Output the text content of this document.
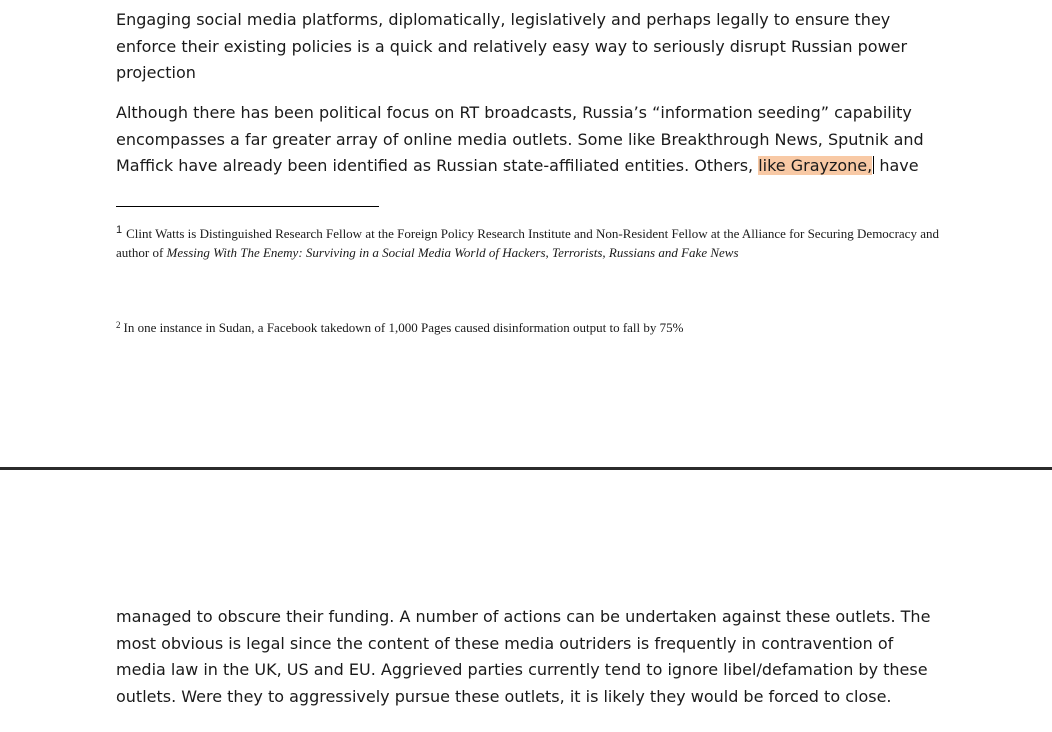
Engaging social media platforms, diplomatically, legislatively and perhaps legally to ensure they enforce their existing policies is a quick and relatively easy way to seriously disrupt Russian power projection

Although there has been political focus on RT broadcasts, Russia’s “information seeding” capability encompasses a far greater array of online media outlets. Some like Breakthrough News, Sputnik and Maffick have already been identified as Russian state-affiliated entities. Others, like Grayzone, have

$^1$ Clint Watts is Distinguished Research Fellow at the Foreign Policy Research Institute and Non-Resident Fellow at the Alliance for Securing Democracy and author of Messing With The Enemy: Surviving in a Social Media World of Hackers, Terrorists, Russians and Fake News

$^2$ In one instance in Sudan, a Facebook takedown of 1,000 Pages caused disinformation output to fall by 75%

managed to obscure their funding. A number of actions can be undertaken against these outlets. The most obvious is legal since the content of these media outriders is frequently in contravention of media law in the UK, US and EU. Aggrieved parties currently tend to ignore libel/defamation by these outlets. Were they to aggressively pursue these outlets, it is likely they would be forced to close.
